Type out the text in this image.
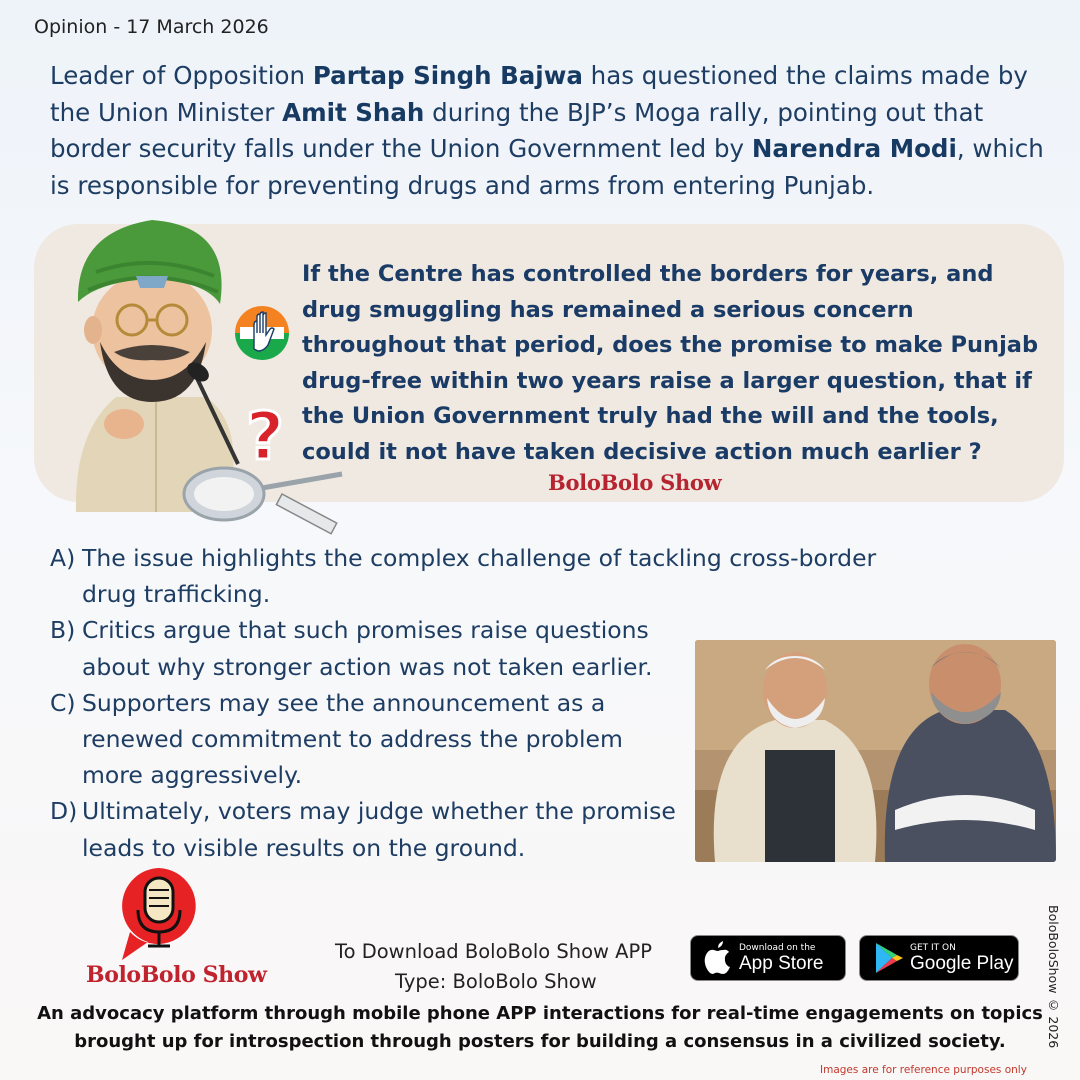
Opinion - 17 March 2026
Leader of Opposition Partap Singh Bajwa has questioned the claims made by the Union Minister Amit Shah during the BJP’s Moga rally, pointing out that border security falls under the Union Government led by Narendra Modi, which is responsible for preventing drugs and arms from entering Punjab.
?
If the Centre has controlled the borders for years, and drug smuggling has remained a serious concern throughout that period, does the promise to make Punjab drug-free within two years raise a larger question, that if the Union Government truly had the will and the tools, could it not have taken decisive action much earlier ?
BoloBolo Show
A) The issue highlights the complex challenge of tackling cross-border drug trafficking.
B) Critics argue that such promises raise questions about why stronger action was not taken earlier.
C) Supporters may see the announcement as a renewed commitment to address the problem more aggressively.
D) Ultimately, voters may judge whether the promise leads to visible results on the ground.
BoloBolo Show
To Download BoloBolo Show APP
Type: BoloBolo Show
Download on the
App Store
GET IT ON
Google Play
An advocacy platform through mobile phone APP interactions for real-time engagements on topics
brought up for introspection through posters for building a consensus in a civilized society.	BoloBoloShow © 2026
Images are for reference purposes only
